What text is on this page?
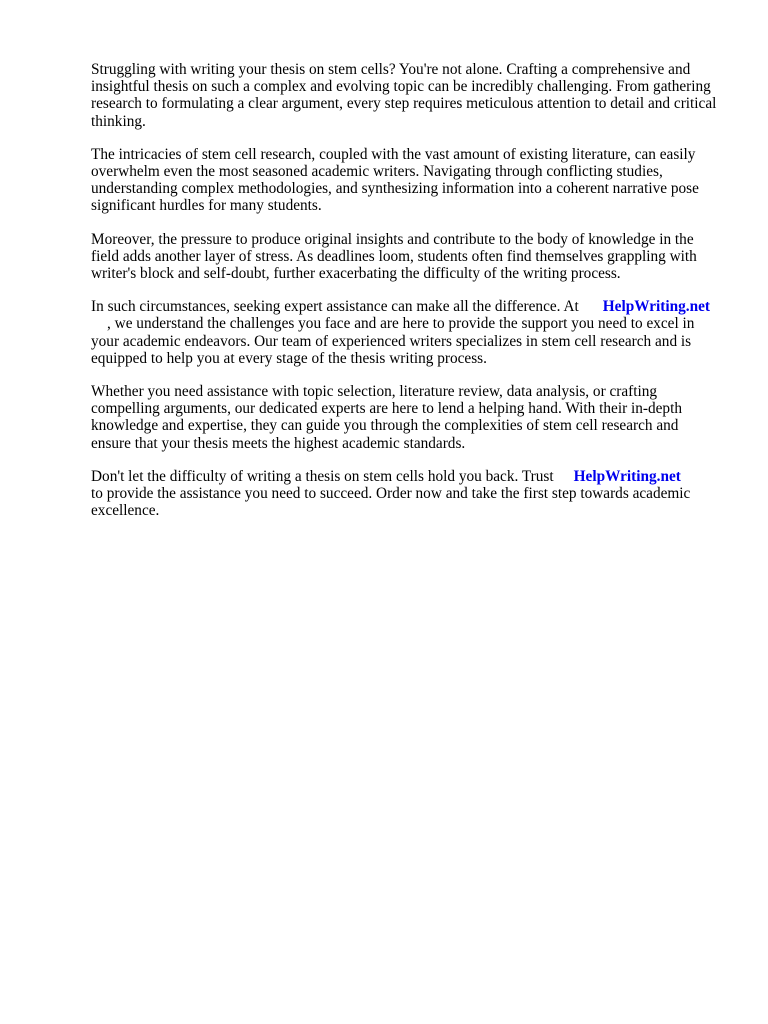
Struggling with writing your thesis on stem cells? You're not alone. Crafting a comprehensive and insightful thesis on such a complex and evolving topic can be incredibly challenging. From gathering research to formulating a clear argument, every step requires meticulous attention to detail and critical thinking.

The intricacies of stem cell research, coupled with the vast amount of existing literature, can easily overwhelm even the most seasoned academic writers. Navigating through conflicting studies, understanding complex methodologies, and synthesizing information into a coherent narrative pose significant hurdles for many students.

Moreover, the pressure to produce original insights and contribute to the body of knowledge in the field adds another layer of stress. As deadlines loom, students often find themselves grappling with writer's block and self-doubt, further exacerbating the difficulty of the writing process.

In such circumstances, seeking expert assistance can make all the difference. At HelpWriting.net
, we understand the challenges you face and are here to provide the support you need to excel in your academic endeavors. Our team of experienced writers specializes in stem cell research and is equipped to help you at every stage of the thesis writing process.

Whether you need assistance with topic selection, literature review, data analysis, or crafting compelling arguments, our dedicated experts are here to lend a helping hand. With their in-depth knowledge and expertise, they can guide you through the complexities of stem cell research and ensure that your thesis meets the highest academic standards.

Don't let the difficulty of writing a thesis on stem cells hold you back. Trust HelpWriting.net
to provide the assistance you need to succeed. Order now and take the first step towards academic excellence.
